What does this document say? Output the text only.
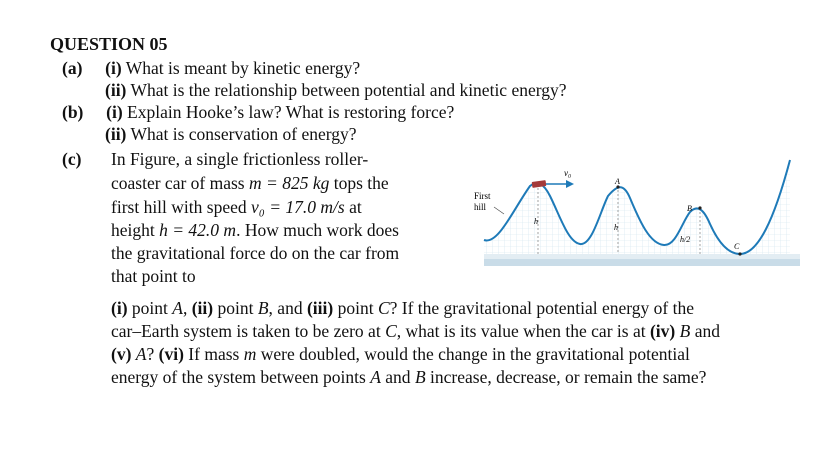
QUESTION 05
(a) (i) What is meant by kinetic energy?
(ii) What is the relationship between potential and kinetic energy?
(b) (i) Explain Hooke’s law? What is restoring force?
(ii) What is conservation of energy?
(c) In Figure, a single frictionless roller-
coaster car of mass m = 825 kg tops the
first hill with speed v₀ = 17.0 m/s at
height h = 42.0 m. How much work does
the gravitational force do on the car from
that point to
(i) point A, (ii) point B, and (iii) point C? If the gravitational potential energy of the
car–Earth system is taken to be zero at C, what is its value when the car is at (iv) B and
(v) A? (vi) If mass m were doubled, would the change in the gravitational potential
energy of the system between points A and B increase, decrease, or remain the same?
First
hill
v₀
A
B
C
h
h
h/2
